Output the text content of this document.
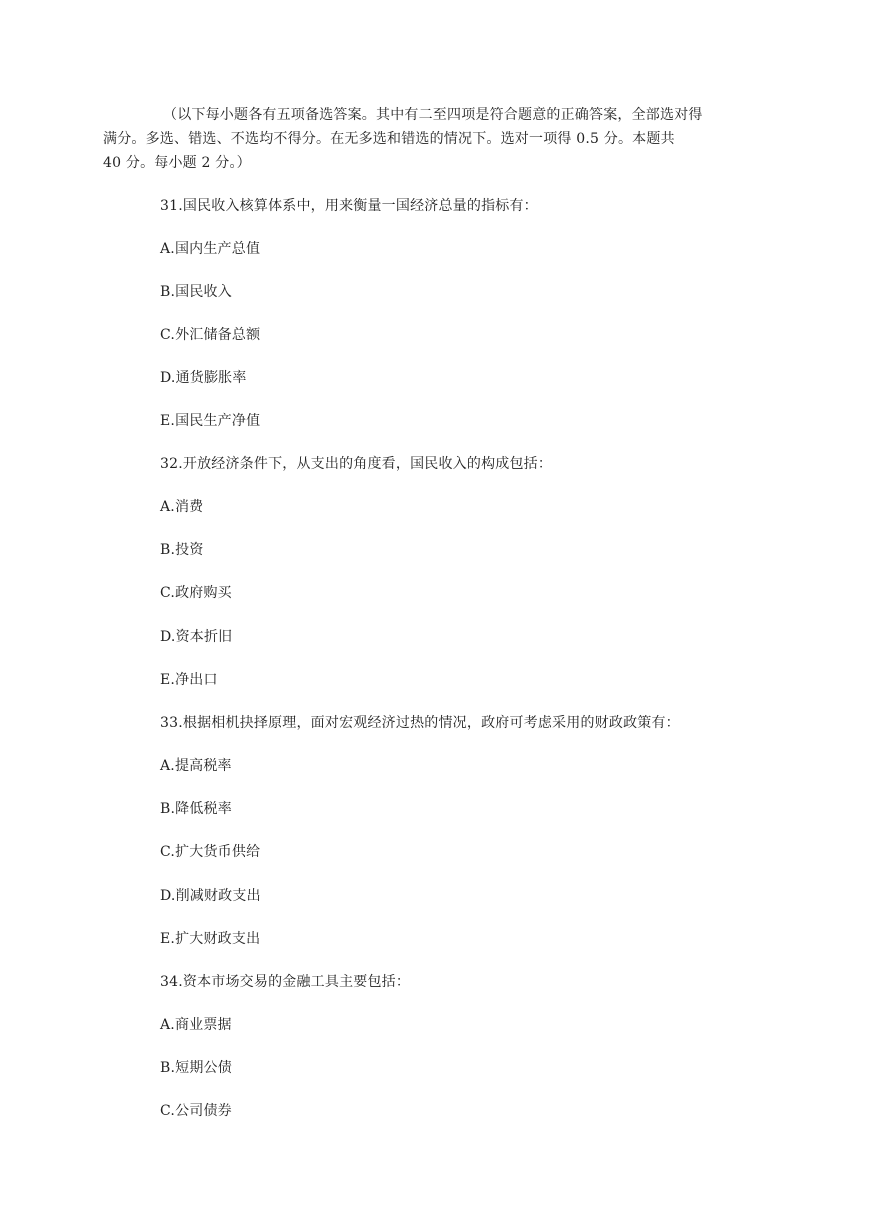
（以下每小题各有五项备选答案。其中有二至四项是符合题意的正确答案，全部选对得
满分。多选、错选、不选均不得分。在无多选和错选的情况下。选对一项得 0.5 分。本题共
40 分。每小题 2 分。）

31.国民收入核算体系中，用来衡量一国经济总量的指标有：

A.国内生产总值

B.国民收入

C.外汇储备总额

D.通货膨胀率

E.国民生产净值

32.开放经济条件下，从支出的角度看，国民收入的构成包括：

A.消费

B.投资

C.政府购买

D.资本折旧

E.净出口

33.根据相机抉择原理，面对宏观经济过热的情况，政府可考虑采用的财政政策有：

A.提高税率

B.降低税率

C.扩大货币供给

D.削减财政支出

E.扩大财政支出

34.资本市场交易的金融工具主要包括：

A.商业票据

B.短期公债

C.公司债券
